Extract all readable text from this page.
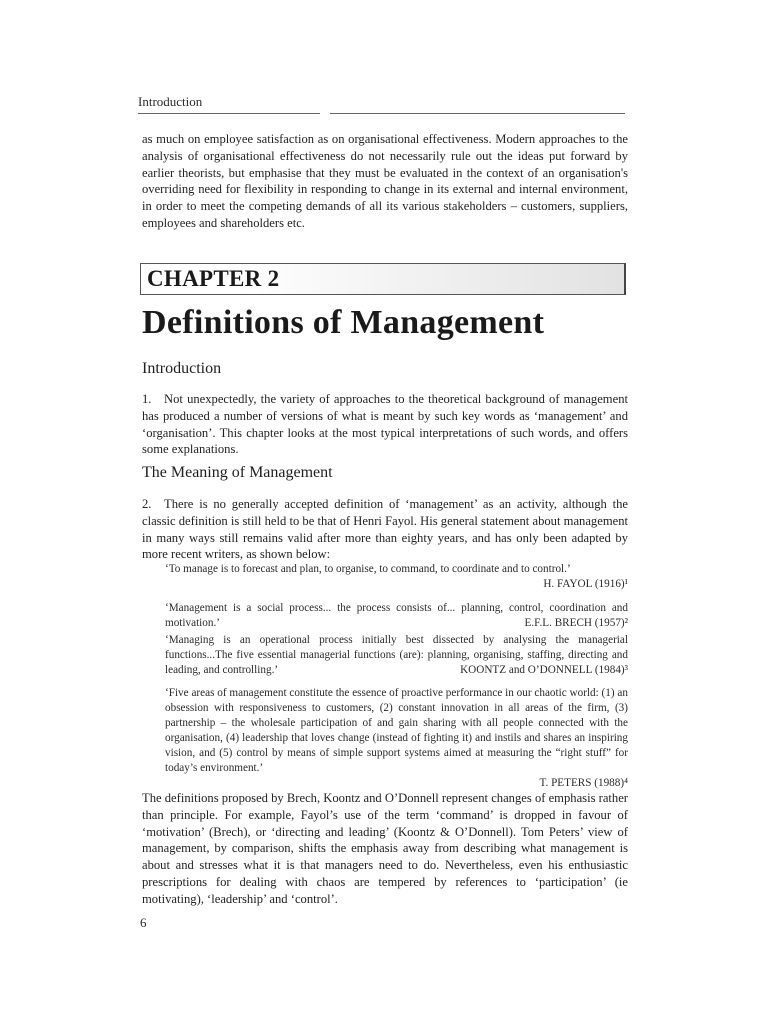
Introduction

as much on employee satisfaction as on organisational effectiveness. Modern approaches to the analysis of organisational effectiveness do not necessarily rule out the ideas put forward by earlier theorists, but emphasise that they must be evaluated in the context of an organisation's overriding need for flexibility in responding to change in its external and internal environment, in order to meet the competing demands of all its various stakeholders – customers, suppliers, employees and shareholders etc.

CHAPTER 2
Definitions of Management
Introduction

1. Not unexpectedly, the variety of approaches to the theoretical background of management has produced a number of versions of what is meant by such key words as ‘management’ and ‘organisation’. This chapter looks at the most typical interpretations of such words, and offers some explanations.

The Meaning of Management

2. There is no generally accepted definition of ‘management’ as an activity, although the classic definition is still held to be that of Henri Fayol. His general statement about management in many ways still remains valid after more than eighty years, and has only been adapted by more recent writers, as shown below:

‘To manage is to forecast and plan, to organise, to command, to coordinate and to control.’
H. FAYOL (1916)¹
‘Management is a social process... the process consists of... planning, control, coordination and motivation.’	E.F.L. BRECH (1957)²
‘Managing is an operational process initially best dissected by analysing the managerial functions...The five essential managerial functions (are): planning, organising, staffing, directing and leading, and controlling.’	KOONTZ and O’DONNELL (1984)³
‘Five areas of management constitute the essence of proactive performance in our chaotic world: (1) an obsession with responsiveness to customers, (2) constant innovation in all areas of the firm, (3) partnership – the wholesale participation of and gain sharing with all people connected with the organisation, (4) leadership that loves change (instead of fighting it) and instils and shares an inspiring vision, and (5) control by means of simple support systems aimed at measuring the “right stuff” for today’s environment.’
T. PETERS (1988)⁴

The definitions proposed by Brech, Koontz and O’Donnell represent changes of emphasis rather than principle. For example, Fayol’s use of the term ‘command’ is dropped in favour of ‘motivation’ (Brech), or ‘directing and leading’ (Koontz & O’Donnell). Tom Peters’ view of management, by comparison, shifts the emphasis away from describing what management is about and stresses what it is that managers need to do. Nevertheless, even his enthusiastic prescriptions for dealing with chaos are tempered by references to ‘participation’ (ie motivating), ‘leadership’ and ‘control’.

6
